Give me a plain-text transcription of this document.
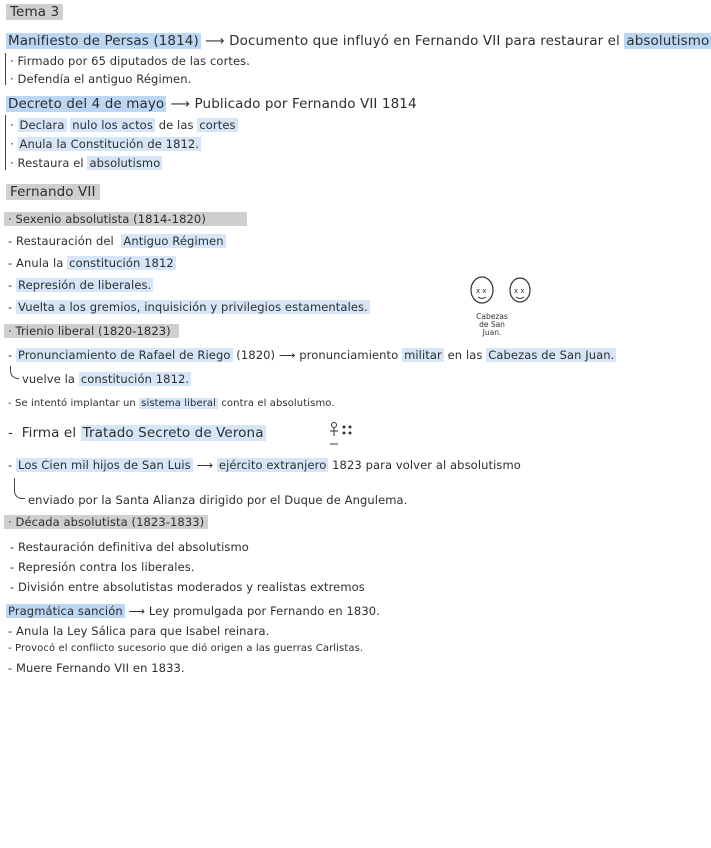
Tema 3
Manifiesto de Persas (1814) ⟶ Documento que influyó en Fernando VII para restaurar el absolutismo
· Firmado por 65 diputados de las cortes.
· Defendía el antiguo Régimen.
Decreto del 4 de mayo ⟶ Publicado por Fernando VII 1814
· Declara nulo los actos de las cortes
· Anula la Constitución de 1812.
· Restaura el absolutismo
Fernando VII
· Sexenio absolutista (1814-1820)
- Restauración del Antiguo Régimen
- Anula la constitución 1812
- Represión de liberales.
- Vuelta a los gremios, inquisición y privilegios estamentales.
x x	x x
Cabezas
de San
Juan.
· Trienio liberal (1820-1823)
- Pronunciamiento de Rafael de Riego (1820) ⟶ pronunciamiento militar en las Cabezas de San Juan.
vuelve la constitución 1812.
- Se intentó implantar un sistema liberal contra el absolutismo.
-  Firma el Tratado Secreto de Verona
- Los Cien mil hijos de San Luis ⟶ ejército extranjero 1823 para volver al absolutismo
enviado por la Santa Alianza dirigido por el Duque de Angulema.
· Década absolutista (1823-1833)
- Restauración definitiva del absolutismo
- Represión contra los liberales.
- División entre absolutistas moderados y realistas extremos
Pragmática sanción ⟶ Ley promulgada por Fernando en 1830.
- Anula la Ley Sálica para que Isabel reinara.
- Provocó el conflicto sucesorio que dió origen a las guerras Carlistas.
- Muere Fernando VII en 1833.
